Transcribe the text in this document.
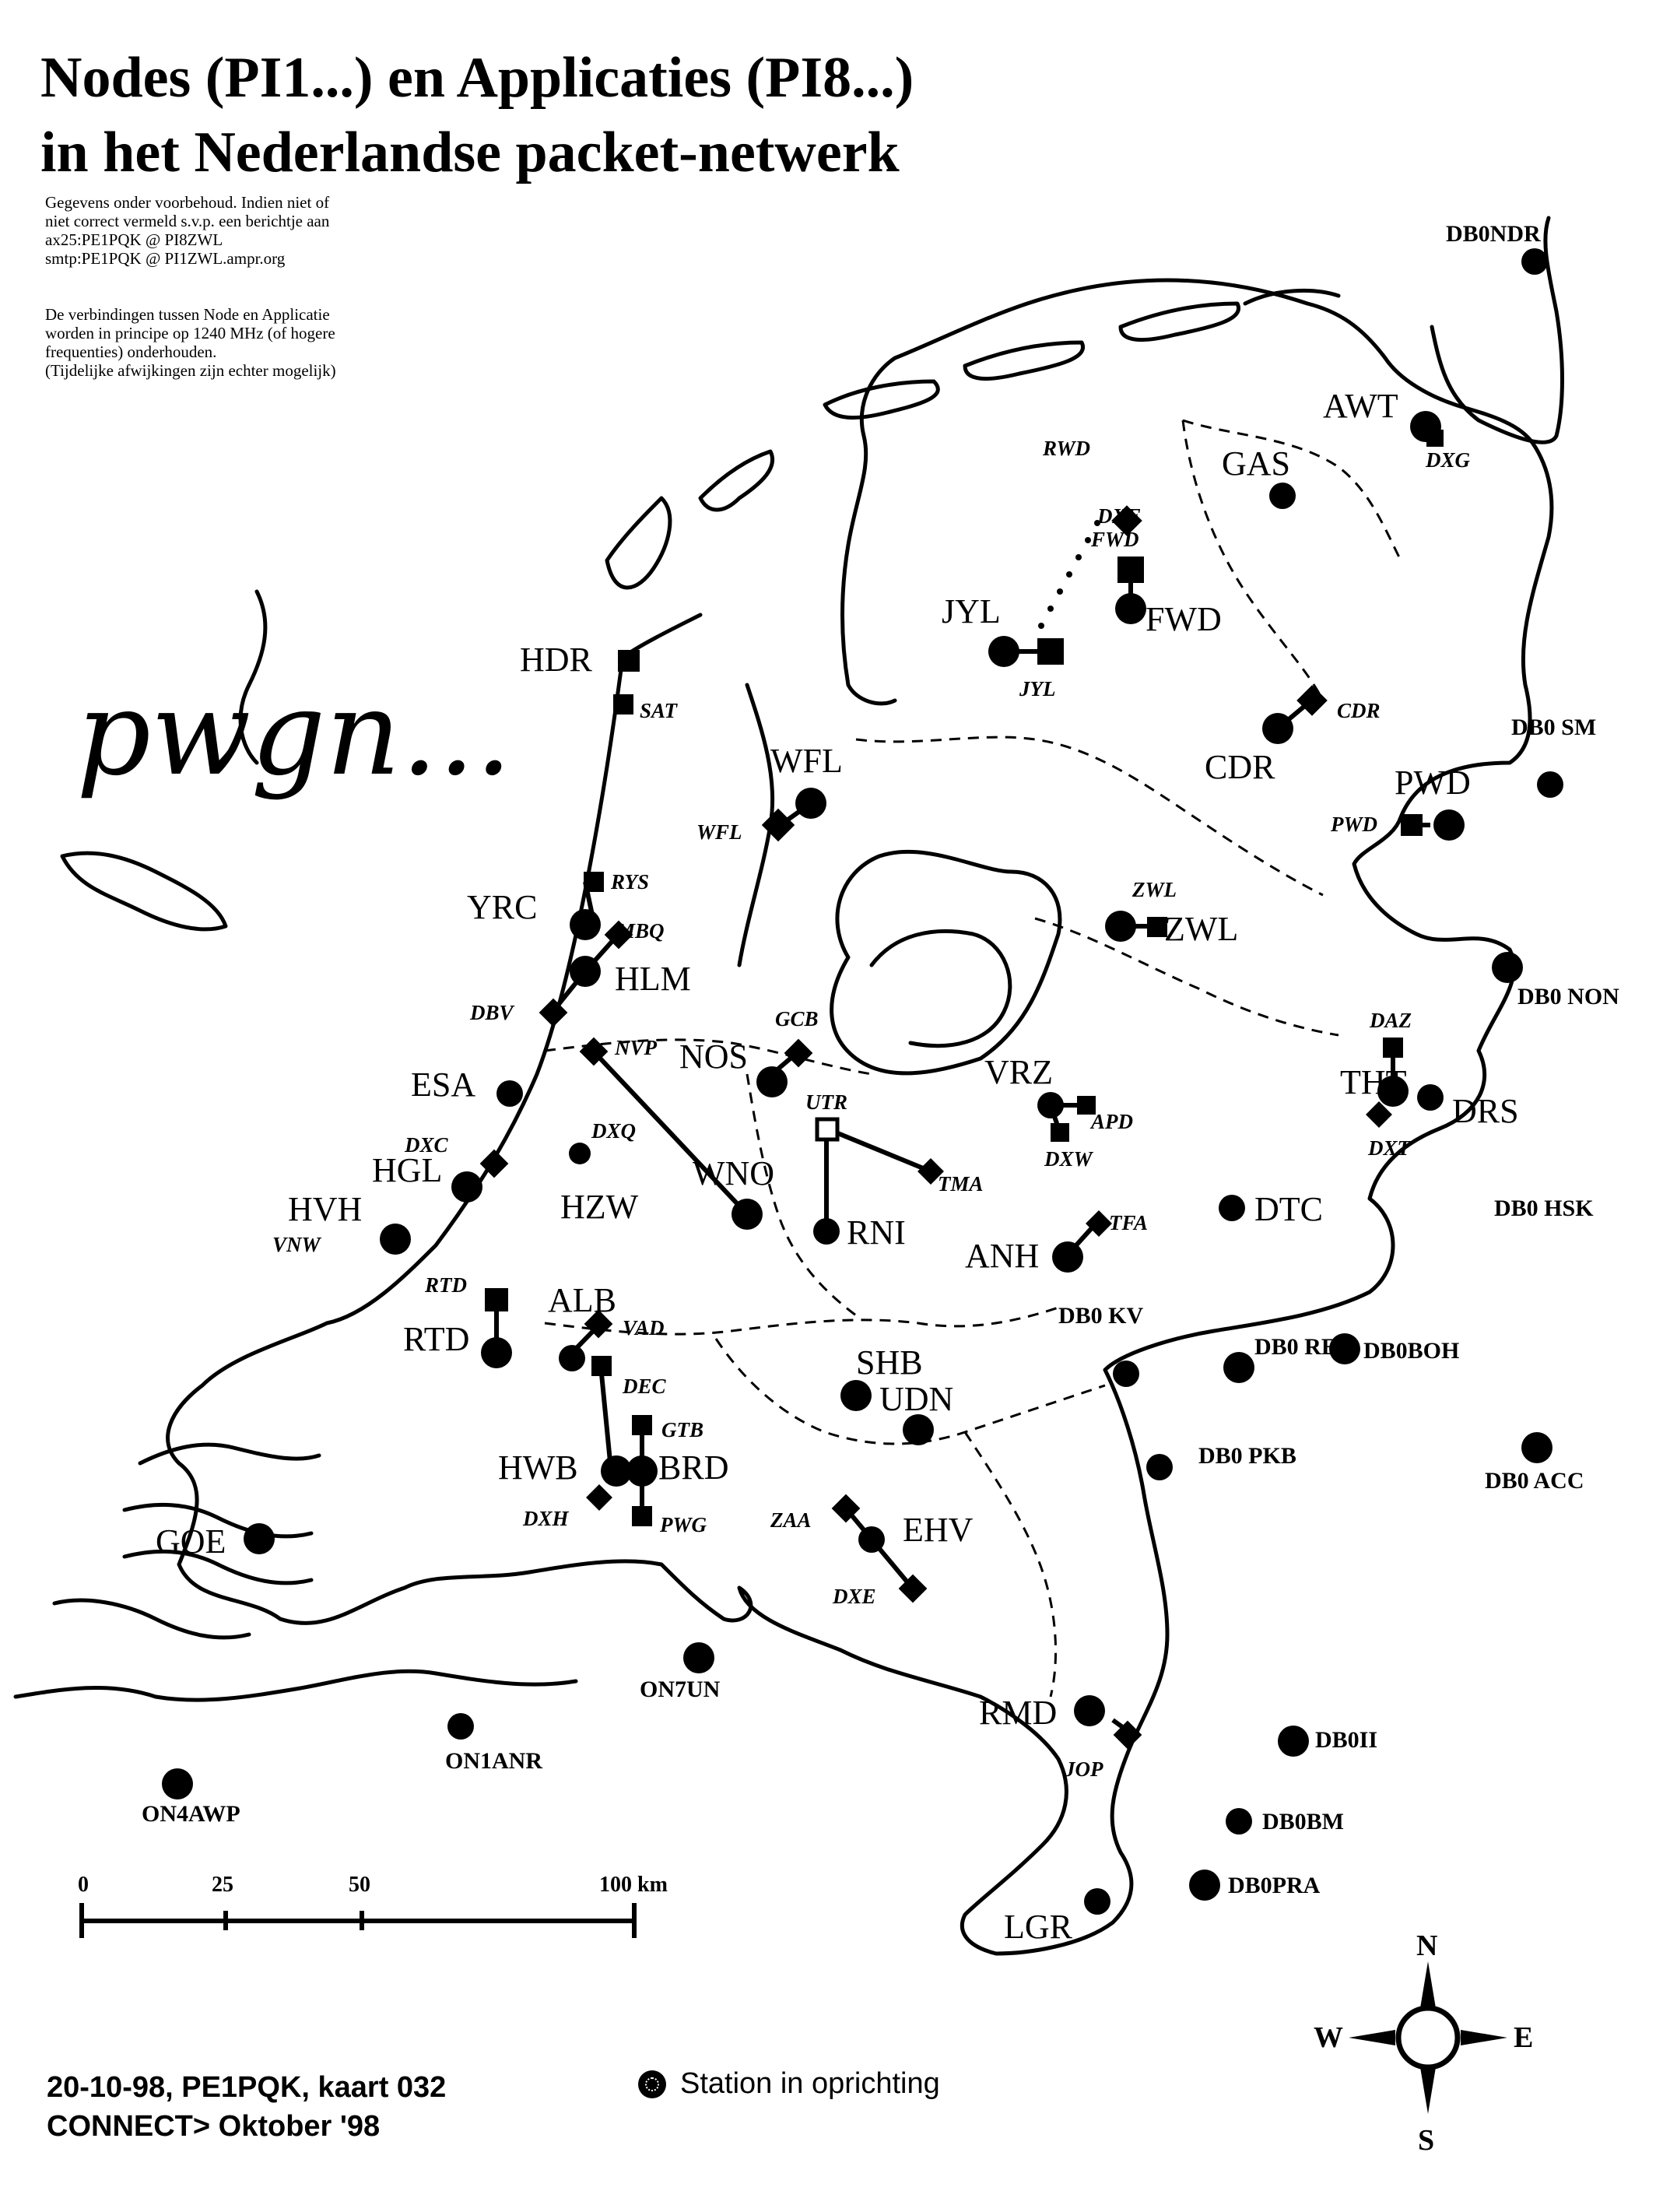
Nodes (PI1...) en Applicaties (PI8...)
in het Nederlandse packet-netwerk
Gegevens onder voorbehoud. Indien niet of
niet correct vermeld s.v.p. een berichtje aan
ax25:PE1PQK @ PI8ZWL
smtp:PE1PQK @ PI1ZWL.ampr.org
De verbindingen tussen Node en Applicatie
worden in principe op 1240 MHz (of hogere
frequenties) onderhouden.
(Tijdelijke afwijkingen zijn echter mogelijk)
pwgn...
0	25	50	100 km
N
E
S
W
DB0NDR
AWT
GAS
JYL	FWD
HDR
CDR
DB0 SM
PWD
WFL
YRC
HLM
ZWL
DB0 NON
NOS	VRZ	THT
DRS
ESA
HGL
HZW
WNO
DB0 HSK
DTC
HVH
RNI
ANH
DB0 KV
ALB
RTD	DB0 RES DB0BOH
SHB
UDN
HWB BRD	DB0 PKB
DB0 ACC
GOE	EHV
ON7UN
RMD
DB0II
ON1ANR
ON4AWP	DB0BM
DB0PRA
LGR
RWD	DXG
DXF
FWD
JYL
SAT	CDR
WFL	PWD
RYS
MBQ
ZWL
DBV	GCB
NVP
DAZ
UTR
APD
DXC
DXQ
DXW	DXT
TMA
VNW
TFA
RTD
VAD
DEC
GTB
DXH	PWG	ZAA
DXE
JOP
20-10-98, PE1PQK, kaart 032
CONNECT> Oktober '98
Station in oprichting
